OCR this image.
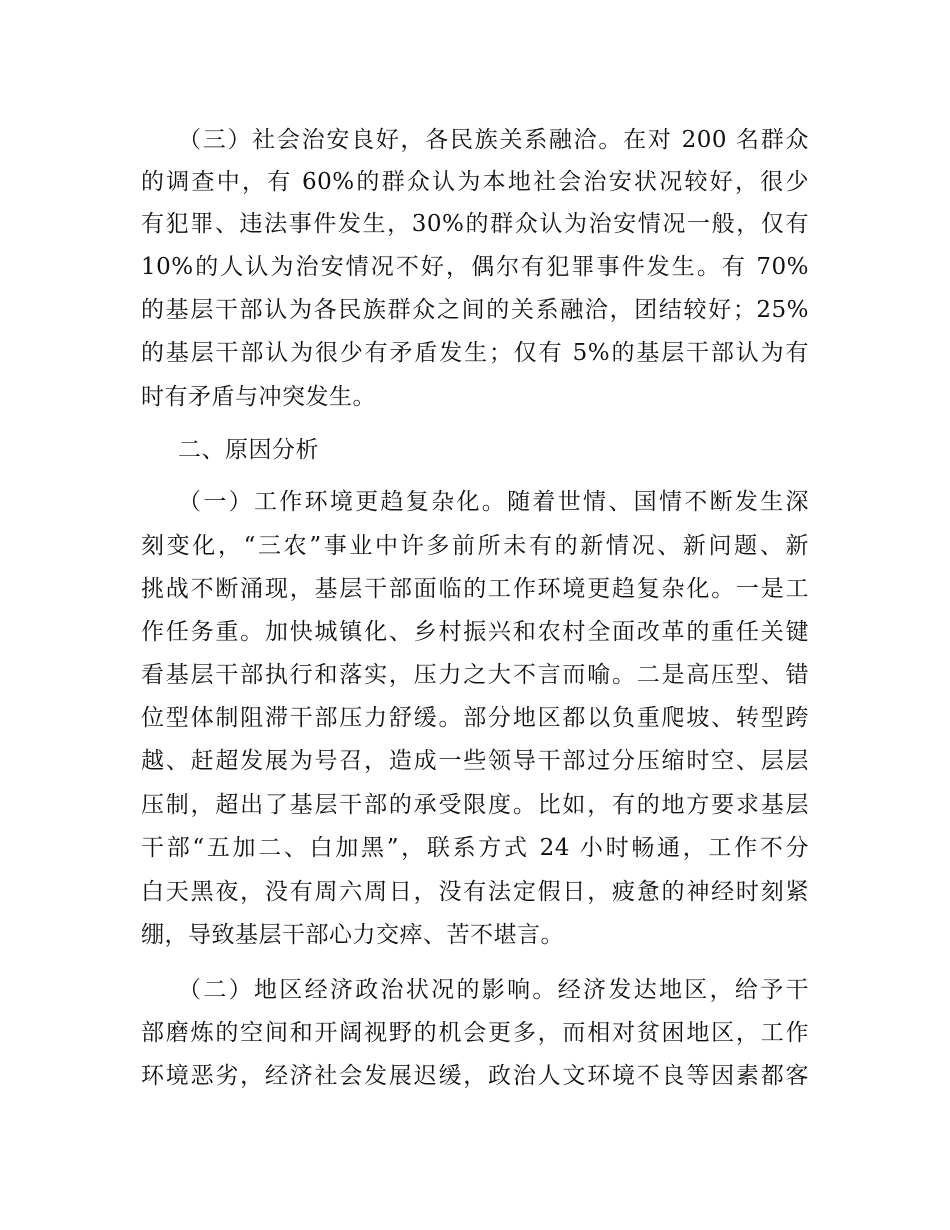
（三）社会治安良好，各民族关系融洽。在对 200 名群众
的调查中，有 60%的群众认为本地社会治安状况较好，很少
有犯罪、违法事件发生，30%的群众认为治安情况一般，仅有
10%的人认为治安情况不好，偶尔有犯罪事件发生。有 70%
的基层干部认为各民族群众之间的关系融洽，团结较好；25%
的基层干部认为很少有矛盾发生；仅有 5%的基层干部认为有
时有矛盾与冲突发生。
二、原因分析
（一）工作环境更趋复杂化。随着世情、国情不断发生深
刻变化，“三农”事业中许多前所未有的新情况、新问题、新
挑战不断涌现，基层干部面临的工作环境更趋复杂化。一是工
作任务重。加快城镇化、乡村振兴和农村全面改革的重任关键
看基层干部执行和落实，压力之大不言而喻。二是高压型、错
位型体制阻滞干部压力舒缓。部分地区都以负重爬坡、转型跨
越、赶超发展为号召，造成一些领导干部过分压缩时空、层层
压制，超出了基层干部的承受限度。比如，有的地方要求基层
干部“五加二、白加黑”，联系方式 24 小时畅通，工作不分
白天黑夜，没有周六周日，没有法定假日，疲惫的神经时刻紧
绷，导致基层干部心力交瘁、苦不堪言。
（二）地区经济政治状况的影响。经济发达地区，给予干
部磨炼的空间和开阔视野的机会更多，而相对贫困地区，工作
环境恶劣，经济社会发展迟缓，政治人文环境不良等因素都客
